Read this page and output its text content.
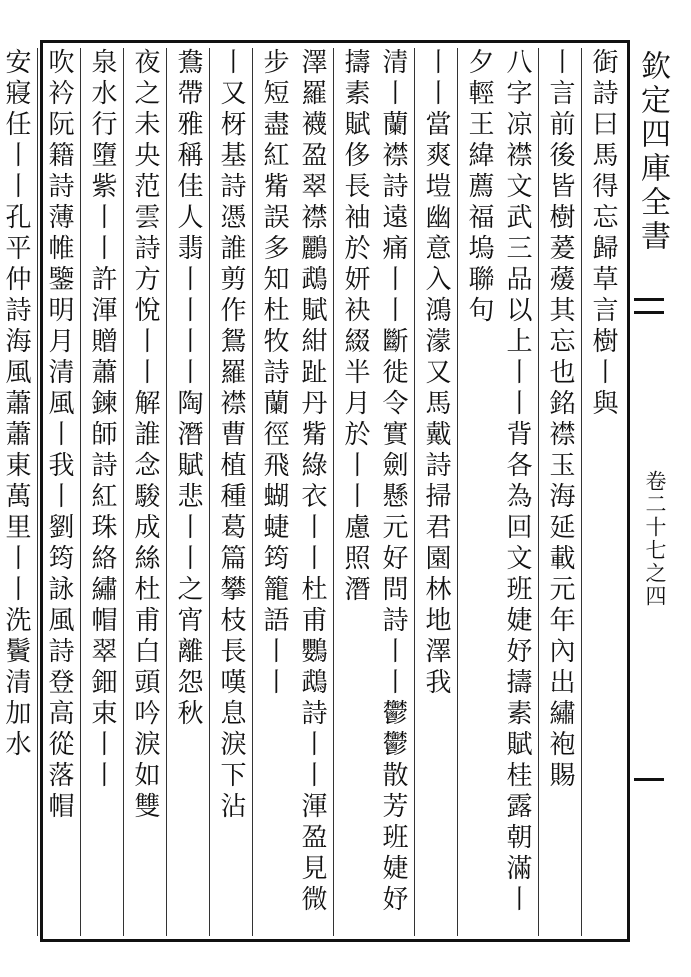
欽定四庫全書
卷二十七之四
衘詩曰馬得忘歸草言樹丨與
丨言前後皆樹萲蕿其忘也銘襟玉海延載元年內出繡袍賜
八字凉襟文武三品以上丨丨背各為回文班婕妤擣素賦桂露朝滿丨夕輕王緯薦福塢聯句
丨丨當爽塏幽意入鴻濛又馬戴詩掃君園林地澤我
清丨蘭襟詩遠痛丨丨斷徙令實劍懸元好問詩丨丨鬱鬱散芳班婕妤擣素賦侈長袖於妍袂綴半月於丨丨慮照潛
澤羅襪盈翠襟鸝鵡賦紺趾丹觜綠衣丨丨杜甫鸚鵡詩丨丨渾盈見微步短盡紅觜誤多知杜牧詩蘭徑飛蝴蜨筠籠語丨丨
丨又枒基詩憑誰剪作鴛羅襟曹植種葛篇攀枝長嘆息淚下沾
鴦帶雅稱佳人翡丨丨丨丨陶潛賦悲丨丨之宵離怨秋
夜之未央范雲詩方悅丨丨解誰念駿成絲杜甫白頭吟淚如雙
泉水行墮紫丨丨許渾贈蕭鍊師詩紅珠絡繡帽翠鈿束丨丨
吹衿阮籍詩薄帷鑒明月清風丨我丨劉筠詠風詩登高從落帽
安寢任丨丨孔平仲詩海風蕭蕭東萬里丨丨洗鬢清加水
